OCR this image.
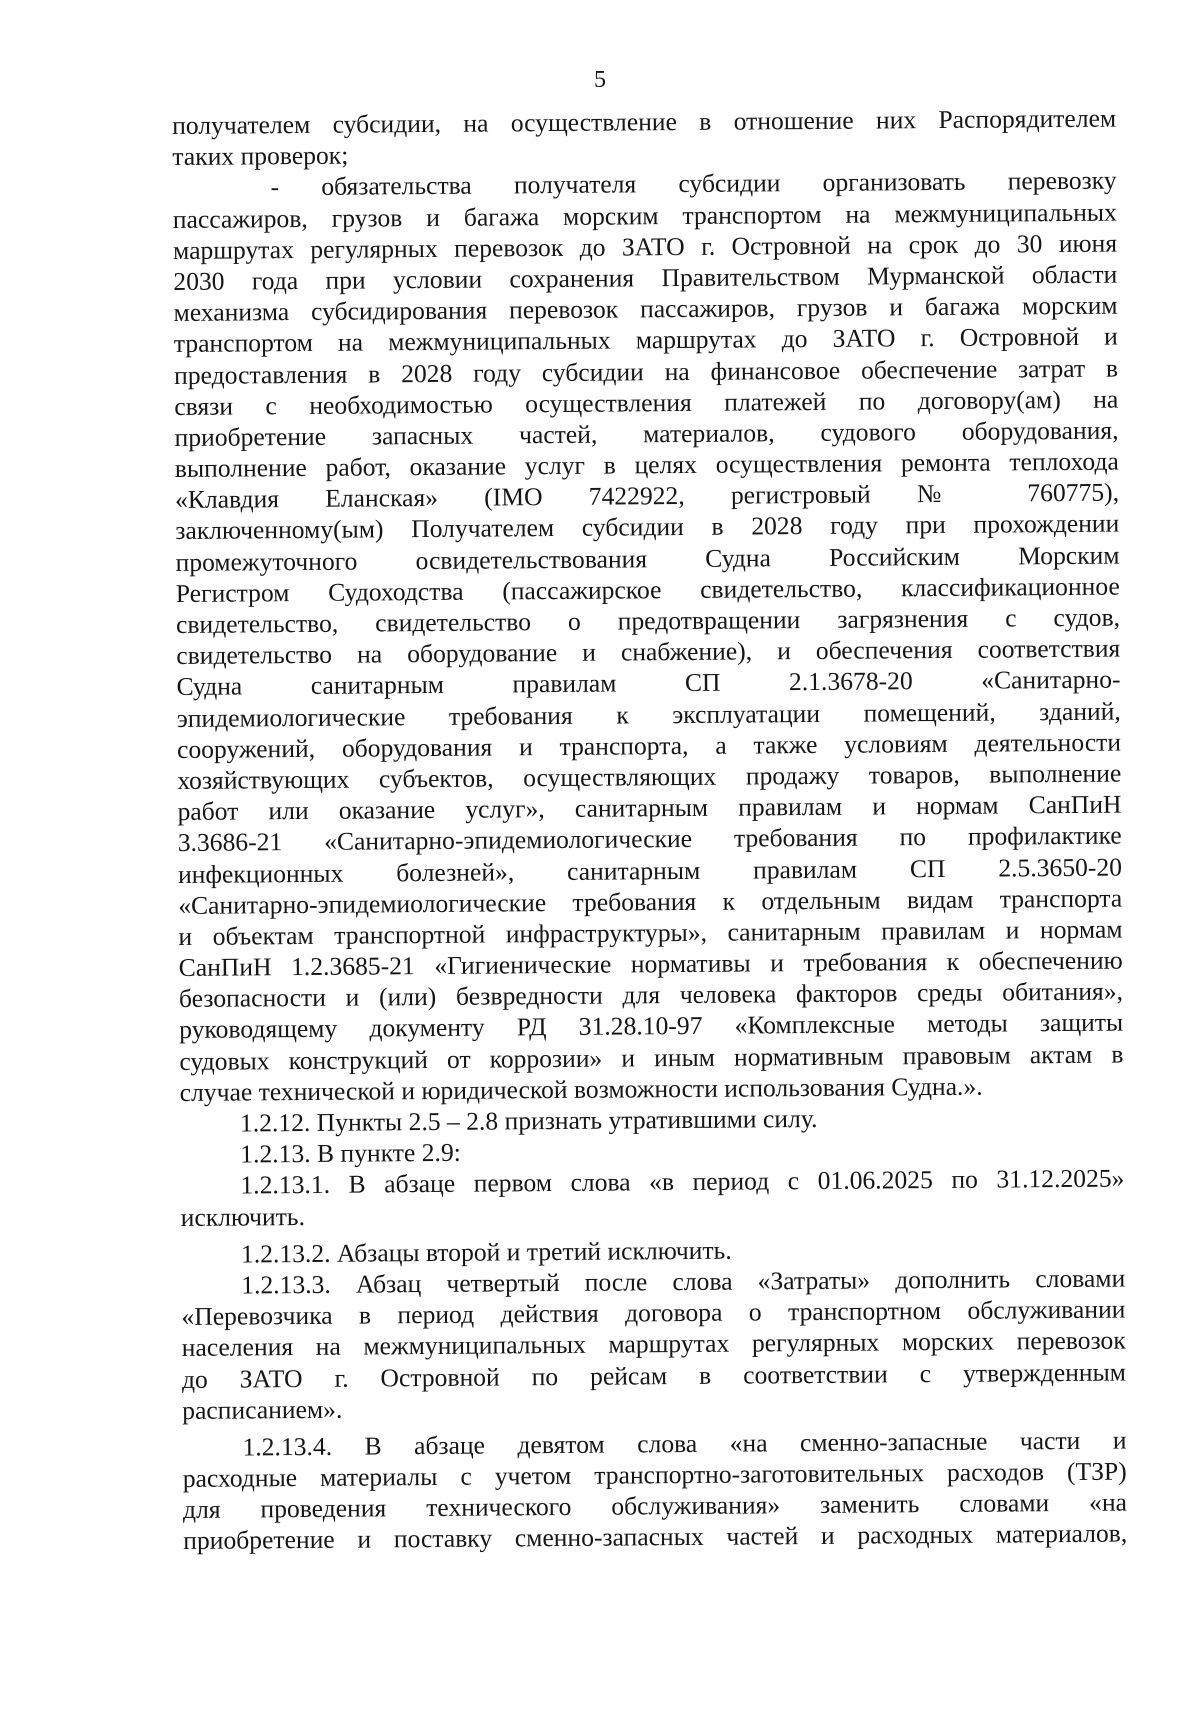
5
получателем субсидии, на осуществление в отношение них Распорядителем
таких проверок;
- обязательства получателя субсидии организовать перевозку
пассажиров, грузов и багажа морским транспортом на межмуниципальных
маршрутах регулярных перевозок до ЗАТО г. Островной на срок до 30 июня
2030 года при условии сохранения Правительством Мурманской области
механизма субсидирования перевозок пассажиров, грузов и багажа морским
транспортом на межмуниципальных маршрутах до ЗАТО г. Островной и
предоставления в 2028 году субсидии на финансовое обеспечение затрат в
связи с необходимостью осуществления платежей по договору(ам) на
приобретение запасных частей, материалов, судового оборудования,
выполнение работ, оказание услуг в целях осуществления ремонта теплохода
«Клавдия Еланская» (IMO 7422922, регистровый № 760775),
заключенному(ым) Получателем субсидии в 2028 году при прохождении
промежуточного освидетельствования Судна Российским Морским
Регистром Судоходства (пассажирское свидетельство, классификационное
свидетельство, свидетельство о предотвращении загрязнения с судов,
свидетельство на оборудование и снабжение), и обеспечения соответствия
Судна санитарным правилам СП 2.1.3678-20 «Санитарно-
эпидемиологические требования к эксплуатации помещений, зданий,
сооружений, оборудования и транспорта, а также условиям деятельности
хозяйствующих субъектов, осуществляющих продажу товаров, выполнение
работ или оказание услуг», санитарным правилам и нормам СанПиН
3.3686-21 «Санитарно-эпидемиологические требования по профилактике
инфекционных болезней», санитарным правилам СП 2.5.3650-20
«Санитарно-эпидемиологические требования к отдельным видам транспорта
и объектам транспортной инфраструктуры», санитарным правилам и нормам
СанПиН 1.2.3685-21 «Гигиенические нормативы и требования к обеспечению
безопасности и (или) безвредности для человека факторов среды обитания»,
руководящему документу РД 31.28.10-97 «Комплексные методы защиты
судовых конструкций от коррозии» и иным нормативным правовым актам в
случае технической и юридической возможности использования Судна.».
1.2.12. Пункты 2.5 – 2.8 признать утратившими силу.
1.2.13. В пункте 2.9:
1.2.13.1. В абзаце первом слова «в период с 01.06.2025 по 31.12.2025»
исключить.
1.2.13.2. Абзацы второй и третий исключить.
1.2.13.3. Абзац четвертый после слова «Затраты» дополнить словами
«Перевозчика в период действия договора о транспортном обслуживании
населения на межмуниципальных маршрутах регулярных морских перевозок
до ЗАТО г. Островной по рейсам в соответствии с утвержденным
расписанием».
1.2.13.4. В абзаце девятом слова «на сменно-запасные части и
расходные материалы с учетом транспортно-заготовительных расходов (ТЗР)
для проведения технического обслуживания» заменить словами «на
приобретение и поставку сменно-запасных частей и расходных материалов,
